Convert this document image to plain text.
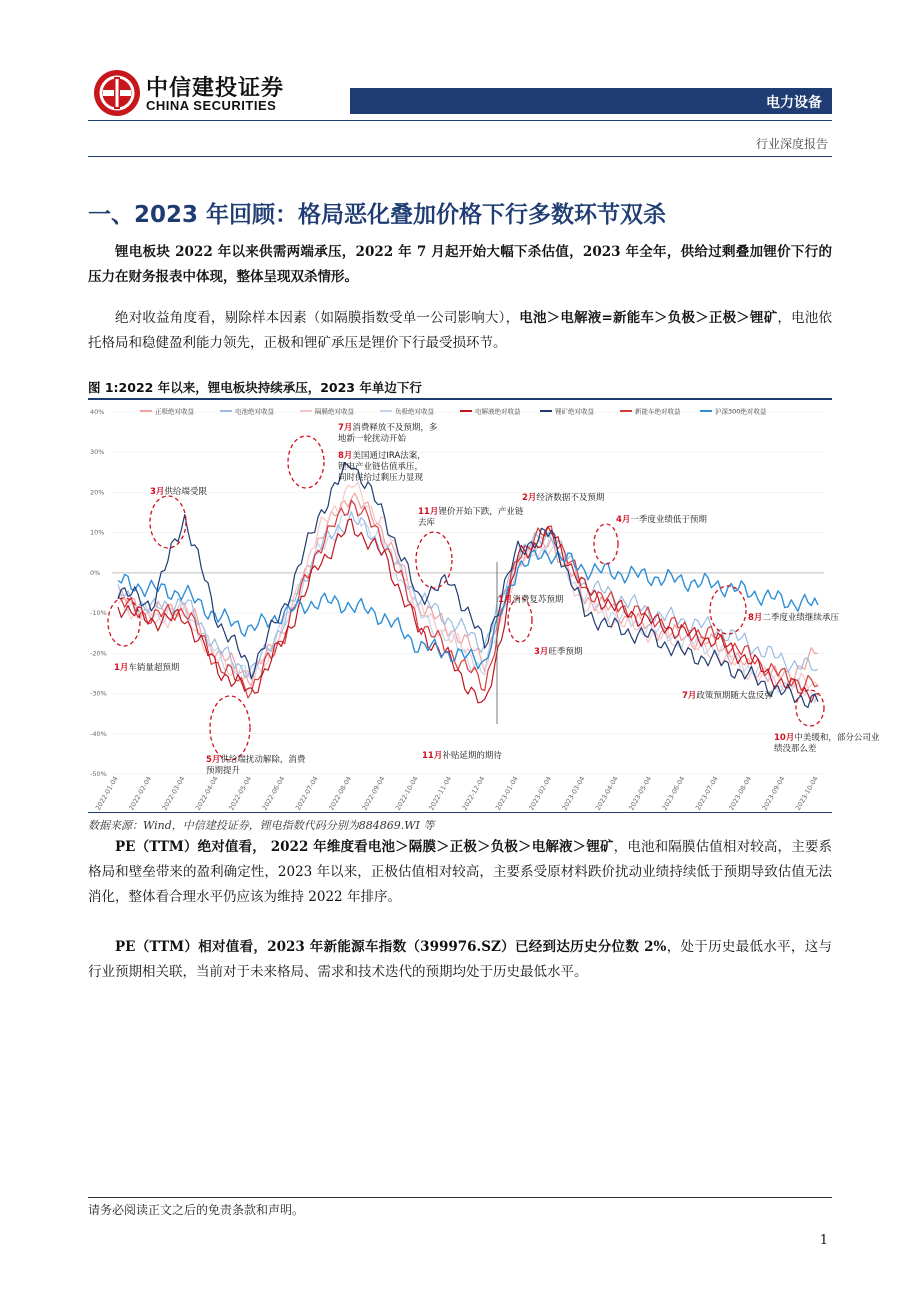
中信建投证券
CHINA SECURITIES	电力设备
行业深度报告
一、2023 年回顾：格局恶化叠加价格下行多数环节双杀
锂电板块 2022 年以来供需两端承压，2022 年 7 月起开始大幅下杀估值，2023 年全年，供给过剩叠加锂价下行的压力在财务报表中体现，整体呈现双杀情形。
绝对收益角度看，剔除样本因素（如隔膜指数受单一公司影响大），电池＞电解液=新能车＞负极＞正极＞锂矿，电池依托格局和稳健盈利能力领先，正极和锂矿承压是锂价下行最受损环节。
图 1:2022 年以来，锂电板块持续承压，2023 年单边下行
40%
30%
20%
10%
0%
-10%
-20%
-30%
-40%
-50%
2022-01-04 2022-02-04 2022-03-04 2022-04-04 2022-05-04 2022-06-04 2022-07-04 2022-08-04 2022-09-04 2022-10-04 2022-11-04 2022-12-04 2023-01-04 2023-02-04 2023-03-04 2023-04-04 2023-05-04 2023-06-04 2023-07-04 2023-08-04 2023-09-04 2023-10-04
正极绝对收益	电池绝对收益	隔膜绝对收益	负极绝对收益	电解液绝对收益	锂矿绝对收益	新能车绝对收益	沪深300绝对收益
3月供给端受限
1月车销量超预期
5月供给端扰动解除，消费预期提升
7月消费释放不及预期，多地新一轮扰动开始
8月美国通过IRA法案，锂电产业链估值承压，同时供给过剩压力显现
11月锂价开始下跌，产业链去库
11月补贴延期的期待
2月经济数据不及预期
1月消费复苏预期
3月旺季预期
4月一季度业绩低于预期
8月二季度业绩继续承压
7月政策预期随大盘反弹
10月中美缓和，部分公司业绩没那么差
数据来源：Wind，中信建投证券，锂电指数代码分别为884869.WI 等
PE（TTM）绝对值看， 2022 年维度看电池＞隔膜＞正极＞负极＞电解液＞锂矿，电池和隔膜估值相对较高，主要系格局和壁垒带来的盈利确定性，2023 年以来，正极估值相对较高，主要系受原材料跌价扰动业绩持续低于预期导致估值无法消化，整体看合理水平仍应该为维持 2022 年排序。
PE（TTM）相对值看，2023 年新能源车指数（399976.SZ）已经到达历史分位数 2%，处于历史最低水平，这与行业预期相关联，当前对于未来格局、需求和技术迭代的预期均处于历史最低水平。
请务必阅读正文之后的免责条款和声明。
1
